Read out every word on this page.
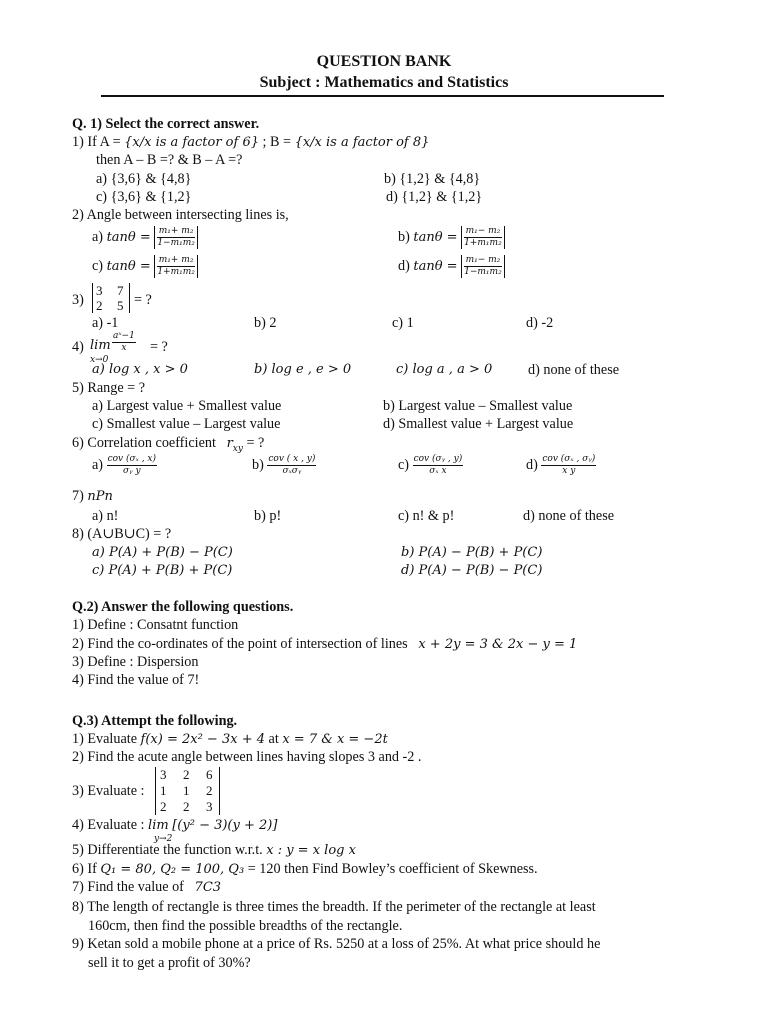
QUESTION BANK
Subject : Mathematics and Statistics
Q. 1) Select the correct answer.
1) If A = {x/x is a factor of 6} ; B = {x/x is a factor of 8}
then A – B =? & B – A =?
a) {3,6} & {4,8}	b) {1,2} & {4,8}
c) {3,6} & {1,2}	d) {1,2} & {1,2}
2) Angle between intersecting lines is,
a) $\tan\theta = \frac{\text{m₁+ m₂}}{\text{1−m₁m₂}}$	b) $\tan\theta = \frac{\text{m₁− m₂}}{\text{1+m₁m₂}}$
c) $\tan\theta = \frac{\text{m₁+ m₂}}{\text{1+m₁m₂}}$	d) $\tan\theta = \frac{\text{m₁− m₂}}{\text{1−m₁m₂}}$
3)
3 7
2 5 = ?
a) -1	b) 2	c) 1	d) -2
4) lim
x→0
$\frac{\text{aˣ−1}}{x}$ = ?
a) log x , x > 0	b) log e , e > 0	c) log a , a > 0	d) none of these
5) Range = ?
a) Largest value + Smallest value	b) Largest value – Smallest value
c) Smallest value – Largest value	d) Smallest value + Largest value
6) Correlation coefficient $r_{xy}$ = ?
$a) \frac{\text{cov (σₓ , x)}}{\text{σᵧ y}}$	$b) \frac{\text{cov ( x , y)}}{\text{σₓσᵧ}}$	$c) \frac{\text{cov (σᵧ , y)}}{\text{σₓ x}}$	$d) \frac{\text{cov (σₓ , σᵧ)}}{\text{x y}}$
7) nPn
a) n!	b) p!	c) n! & p!	d) none of these
8) (A∪B∪C) = ?
a) P(A) + P(B) − P(C)	b) P(A) − P(B) + P(C)
c) P(A) + P(B) + P(C)	d) P(A) − P(B) − P(C)
Q.2) Answer the following questions.
1) Define : Consatnt function
2) Find the co-ordinates of the point of intersection of lines x + 2y = 3 & 2x − y = 1
3) Define : Dispersion
4) Find the value of 7!
Q.3) Attempt the following.
1) Evaluate f(x) = 2x² − 3x + 4 at x = 7 & x = −2t
2) Find the acute angle between lines having slopes 3 and -2 .
3) Evaluate :
3 2 6
1 1 2
2 2 3
4) Evaluate : lim [(y² − 3)(y + 2)]
y→2
5) Differentiate the function w.r.t. x : y = x log x
6) If Q₁ = 80, Q₂ = 100, Q₃ = 120 then Find Bowley’s coefficient of Skewness.
7) Find the value of 7C3
8) The length of rectangle is three times the breadth. If the perimeter of the rectangle at least
160cm, then find the possible breadths of the rectangle.
9) Ketan sold a mobile phone at a price of Rs. 5250 at a loss of 25%. At what price should he
sell it to get a profit of 30%?
